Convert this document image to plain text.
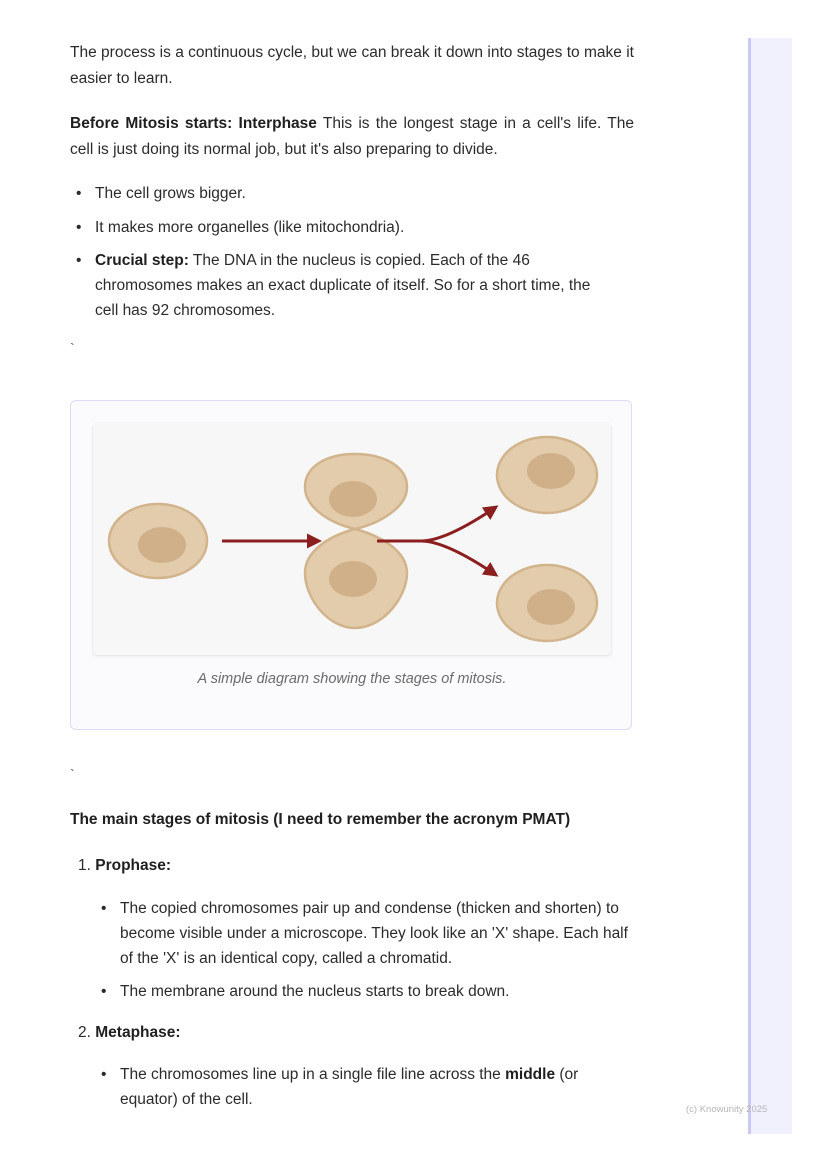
The process is a continuous cycle, but we can break it down into stages to make it easier to learn.

Before Mitosis starts: Interphase This is the longest stage in a cell's life. The cell is just doing its normal job, but it's also preparing to divide.

• The cell grows bigger.
• It makes more organelles (like mitochondria).
• Crucial step: The DNA in the nucleus is copied. Each of the 46 chromosomes makes an exact duplicate of itself. So for a short time, the cell has 92 chromosomes.
`
A simple diagram showing the stages of mitosis.
`
The main stages of mitosis (I need to remember the acronym PMAT)
1. Prophase:
• The copied chromosomes pair up and condense (thicken and shorten) to become visible under a microscope. They look like an 'X' shape. Each half of the 'X' is an identical copy, called a chromatid.
• The membrane around the nucleus starts to break down.
2. Metaphase:
• The chromosomes line up in a single file line across the middle (or equator) of the cell.
(c) Knowunity 2025
